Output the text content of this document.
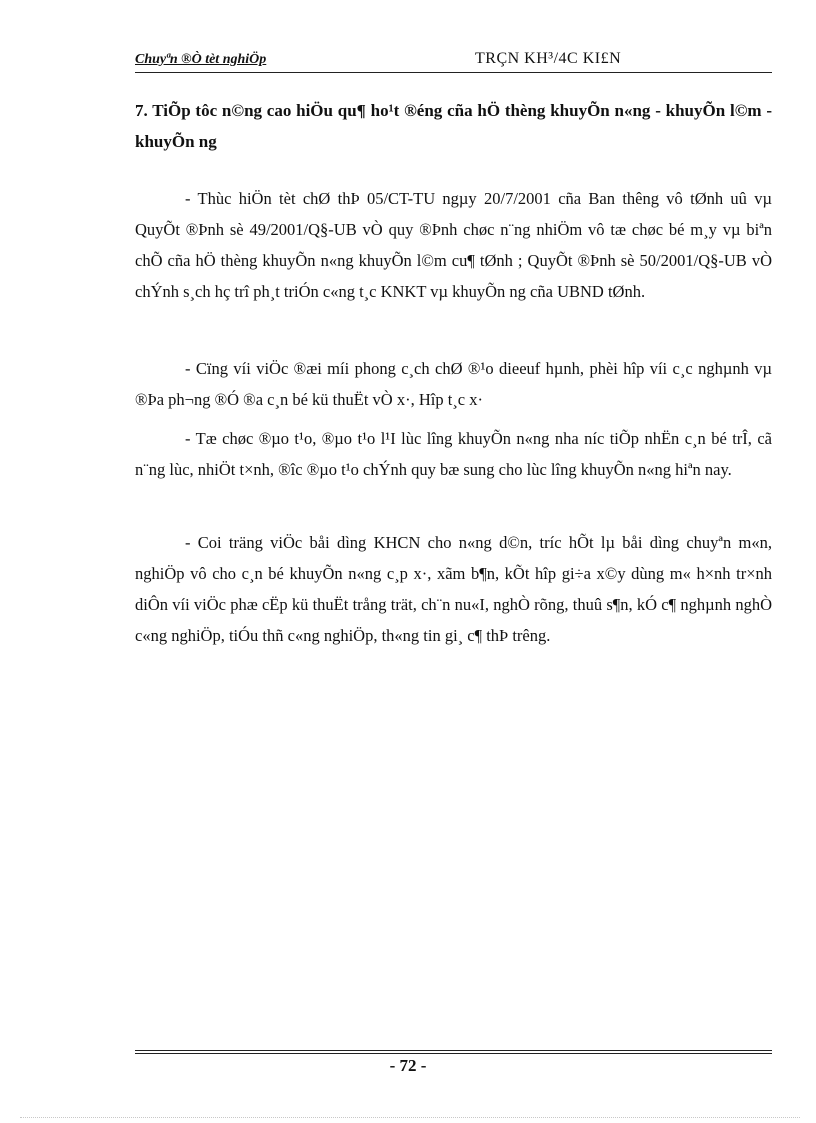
Chuyªn ®Ò tèt nghiÖp	TRÇN KH³/4C KI£N
7. TiÕp tôc n©ng cao hiÖu qu¶ ho¹t ®éng cña hÖ thèng khuyÕn n«ng - khuyÕn l©m - khuyÕn ng

- Thùc hiÖn tèt chØ thÞ 05/CT-TU ngµy 20/7/2001 cña Ban thêng vô tØnh uû vµ QuyÕt ®Þnh sè 49/2001/Q§-UB vÒ quy ®Þnh chøc n¨ng nhiÖm vô tæ chøc bé m¸y vµ biªn chÕ cña hÖ thèng khuyÕn n«ng khuyÕn l©m cu¶ tØnh ; QuyÕt ®Þnh sè 50/2001/Q§-UB vÒ chÝnh s¸ch hç trî ph¸t triÓn c«ng t¸c KNKT vµ khuyÕn ng cña UBND tØnh.

- Cïng víi viÖc ®æi míi phong c¸ch chØ ®¹o dieeuf hµnh, phèi hîp víi c¸c nghµnh vµ ®Þa ph¬ng ®Ó ®a c¸n bé kü thuËt vÒ x·, Hîp t¸c x·

- Tæ chøc ®µo t¹o, ®µo t¹o l¹I lùc lîng khuyÕn n«ng nha níc tiÕp nhËn c¸n bé trÎ, cã n¨ng lùc, nhiÖt t×nh, ®îc ®µo t¹o chÝnh quy bæ sung cho lùc lîng khuyÕn n«ng hiªn nay.

- Coi träng viÖc båi dìng KHCN cho n«ng d©n, tríc hÕt lµ båi dìng chuyªn m«n, nghiÖp vô cho c¸n bé khuyÕn n«ng c¸p x·, xãm b¶n, kÕt hîp gi÷a x©y dùng m« h×nh tr×nh diÔn víi viÖc phæ cËp kü thuËt trång trät, ch¨n nu«I, nghÒ rõng, thuû s¶n, kÓ c¶ nghµnh nghÒ c«ng nghiÖp, tiÓu thñ c«ng nghiÖp, th«ng tin gi¸ c¶ thÞ trêng.

- 72 -
